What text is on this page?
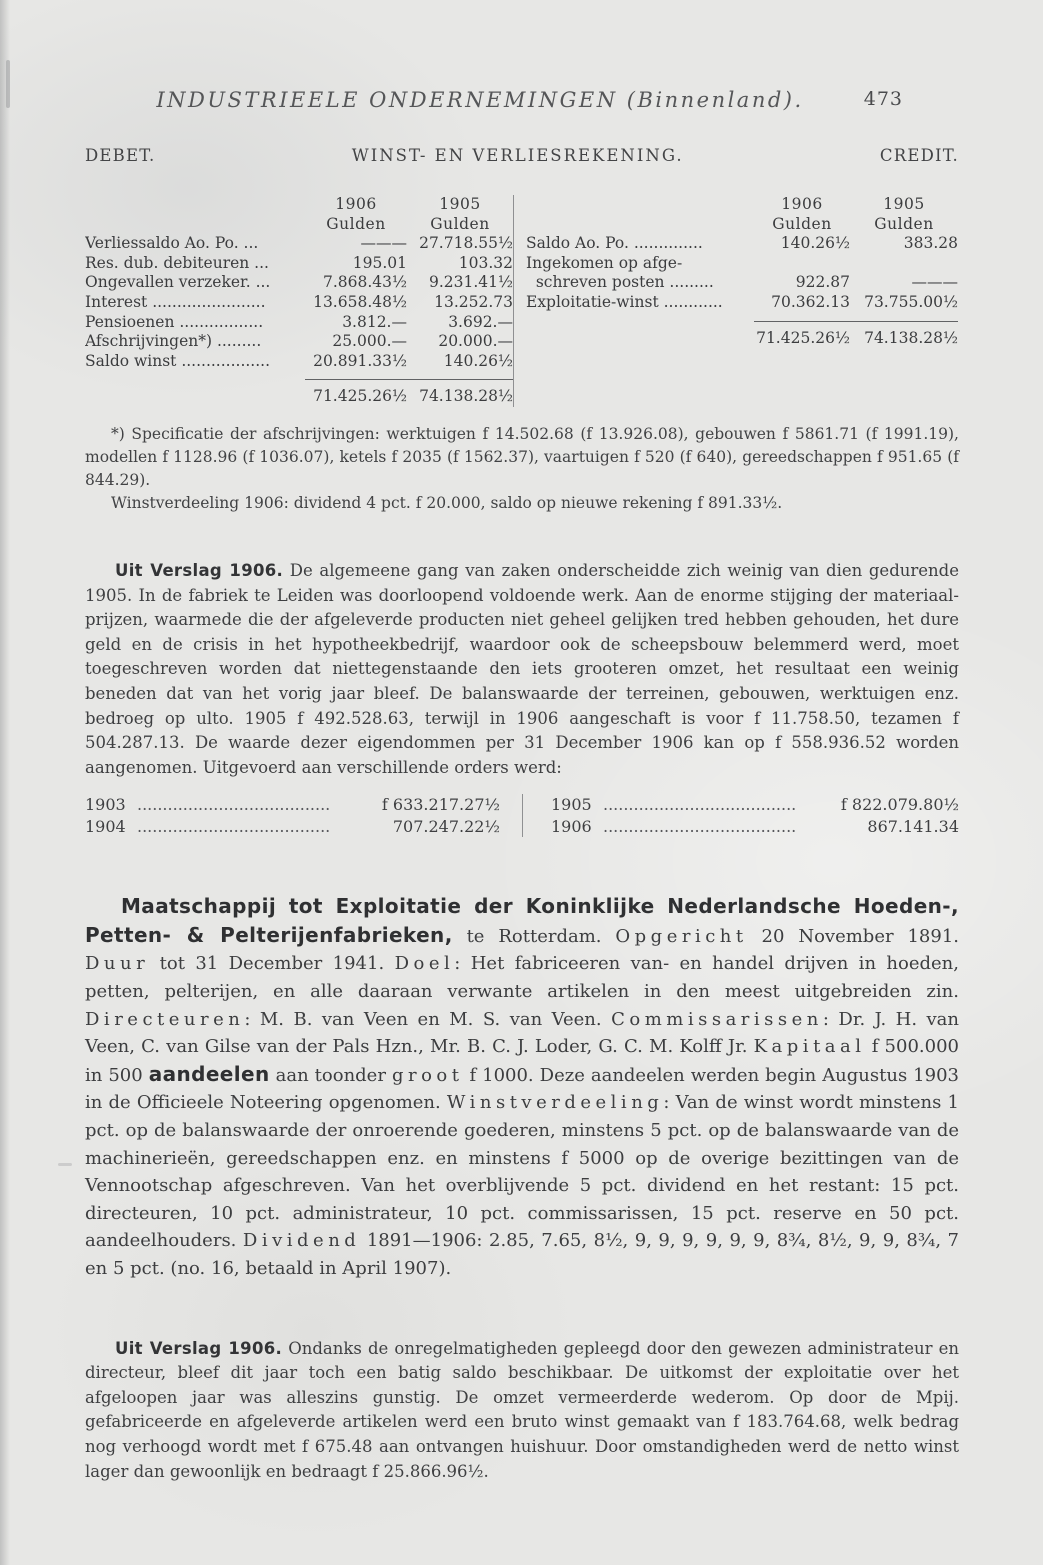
INDUSTRIEELE ONDERNEMINGEN (Binnenland).	473
DEBET.	WINST- EN VERLIESREKENING.	CREDIT.
1906	1905
Gulden	Gulden
Verliessaldo Ao. Po. ...	——— 27.718.55½
Res. dub. debiteuren ...	195.01	103.32
Ongevallen verzeker. ...	7.868.43½	9.231.41½
Interest .......................	13.658.48½	13.252.73
Pensioenen .................	3.812.—	3.692.—
Afschrijvingen*) .........	25.000.—	20.000.—
Saldo winst ..................	20.891.33½	140.26½
71.425.26½ 74.138.28½
1906	1905
Gulden	Gulden
Saldo Ao. Po. ..............	140.26½	383.28
Ingekomen op afge-
schreven posten .........	922.87	———
Exploitatie-winst ............	70.362.13 73.755.00½
71.425.26½ 74.138.28½

*) Specificatie der afschrijvingen: werktuigen f 14.502.68 (f 13.926.08), gebouwen f 5861.71 (f 1991.19), modellen f 1128.96 (f 1036.07), ketels f 2035 (f 1562.37), vaartuigen f 520 (f 640), gereedschappen f 951.65 (f 844.29).

Winstverdeeling 1906: dividend 4 pct. f 20.000, saldo op nieuwe rekening f 891.33½.

Uit Verslag 1906. De algemeene gang van zaken onderscheidde zich weinig van dien gedurende 1905. In de fabriek te Leiden was doorloopend voldoende werk. Aan de enorme stijging der materiaal-prijzen, waarmede die der afgeleverde producten niet geheel gelijken tred hebben gehouden, het dure geld en de crisis in het hypotheekbedrijf, waardoor ook de scheepsbouw belemmerd werd, moet toegeschreven worden dat niettegenstaande den iets grooteren omzet, het resultaat een weinig beneden dat van het vorig jaar bleef. De balanswaarde der terreinen, gebouwen, werktuigen enz. bedroeg op ulto. 1905 f 492.528.63, terwijl in 1906 aangeschaft is voor f 11.758.50, tezamen f 504.287.13. De waarde dezer eigendommen per 31 December 1906 kan op f 558.936.52 worden aangenomen. Uitgevoerd aan verschillende orders werd:

1903 ......................................	f 633.217.27½
1904 ......................................	707.247.22½
1905 ......................................	f 822.079.80½
1906 ......................................	867.141.34

Maatschappij tot Exploitatie der Koninklijke Nederlandsche Hoeden-, Petten- & Pelterijenfabrieken, te Rotterdam. Opgericht 20 November 1891. Duur tot 31 December 1941. Doel: Het fabriceeren van- en handel drijven in hoeden, petten, pelterijen, en alle daaraan verwante artikelen in den meest uitgebreiden zin. Directeuren: M. B. van Veen en M. S. van Veen. Commissarissen: Dr. J. H. van Veen, C. van Gilse van der Pals Hzn., Mr. B. C. J. Loder, G. C. M. Kolff Jr. Kapitaal f 500.000 in 500 aandeelen aan toonder groot f 1000. Deze aandeelen werden begin Augustus 1903 in de Officieele Noteering opgenomen. Winstverdeeling: Van de winst wordt minstens 1 pct. op de balanswaarde der onroerende goederen, minstens 5 pct. op de balanswaarde van de machinerieën, gereedschappen enz. en minstens f 5000 op de overige bezittingen van de Vennootschap afgeschreven. Van het overblijvende 5 pct. dividend en het restant: 15 pct. directeuren, 10 pct. administrateur, 10 pct. commissarissen, 15 pct. reserve en 50 pct. aandeelhouders. Dividend 1891—1906: 2.85, 7.65, 8½, 9, 9, 9, 9, 9, 9, 8¾, 8½, 9, 9, 8¾, 7 en 5 pct. (no. 16, betaald in April 1907).

Uit Verslag 1906. Ondanks de onregelmatigheden gepleegd door den gewezen administrateur en directeur, bleef dit jaar toch een batig saldo beschikbaar. De uitkomst der exploitatie over het afgeloopen jaar was alleszins gunstig. De omzet vermeerderde wederom. Op door de Mpij. gefabriceerde en afgeleverde artikelen werd een bruto winst gemaakt van f 183.764.68, welk bedrag nog verhoogd wordt met f 675.48 aan ontvangen huishuur. Door omstandigheden werd de netto winst lager dan gewoonlijk en bedraagt f 25.866.96½.
